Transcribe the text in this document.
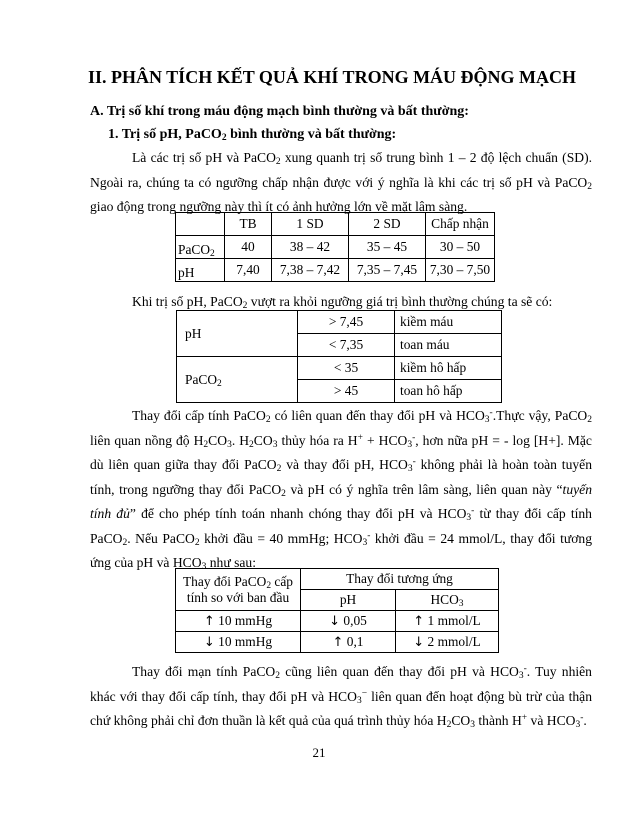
II. PHÂN TÍCH KẾT QUẢ KHÍ TRONG MÁU ĐỘNG MẠCH
A. Trị số khí trong máu động mạch bình thường và bất thường:
1. Trị số pH, PaCO$_2$ bình thường và bất thường:
Là các trị số pH và PaCO$_2$ xung quanh trị số trung bình 1 – 2 độ lệch chuẩn (SD). Ngoài ra, chúng ta có ngưỡng chấp nhận được với ý nghĩa là khi các trị số pH và PaCO$_2$ giao động trong ngưỡng này thì ít có ảnh hưởng lớn về mặt lâm sàng.
	TB	1 SD	2 SD	Chấp nhận
PaCO$_2$	40	38 – 42	35 – 45	30 – 50
pH	7,40	7,38 – 7,42	7,35 – 7,45	7,30 – 7,50
Khi trị số pH, PaCO$_2$ vượt ra khỏi ngưỡng giá trị bình thường chúng ta sẽ có:
pH	> 7,45	kiềm máu
	< 7,35	toan máu
PaCO$_2$	< 35	kiềm hô hấp
	> 45	toan hô hấp
Thay đổi cấp tính PaCO$_2$ có liên quan đến thay đổi pH và $HCO_3^-.Thực$ vậy, PaCO$_2$ liên quan nồng độ $H_2CO_3$. $H_2CO_3$ thủy hóa ra $H^+ + HCO_3^-$, hơn nữa pH = - log [H+]. Mặc dù liên quan giữa thay đổi PaCO$_2$ và thay đổi pH, $HCO_3^-$ không phải là hoàn toàn tuyến tính, trong ngưỡng thay đổi PaCO$_2$ và pH có ý nghĩa trên lâm sàng, liên quan này “tuyến tính đủ” để cho phép tính toán nhanh chóng thay đổi pH và $HCO_3^-$ từ thay đổi cấp tính PaCO$_2$. Nếu PaCO$_2$ khởi đầu = 40 mmHg; $HCO_3^-$ khởi đầu = 24 mmol/L, thay đổi tương ứng của pH và $HCO_3$ như sau:
Thay đổi PaCO$_2$ cấp
tính so với ban đầu	Thay đổi tương ứng	
	pH	$HCO_3$
↑ 10 mmHg	↓ 0,05	↑ 1 mmol/L
↓ 10 mmHg	↑ 0,1	↓ 2 mmol/L
Thay đổi mạn tính PaCO$_2$ cũng liên quan đến thay đổi pH và $HCO_3^-$. Tuy nhiên khác với thay đổi cấp tính, thay đổi pH và $HCO_3^-$ liên quan đến hoạt động bù trừ của thận chứ không phải chỉ đơn thuần là kết quả của quá trình thủy hóa $H_2CO_3$ thành H+ và $HCO_3^-$.
21
